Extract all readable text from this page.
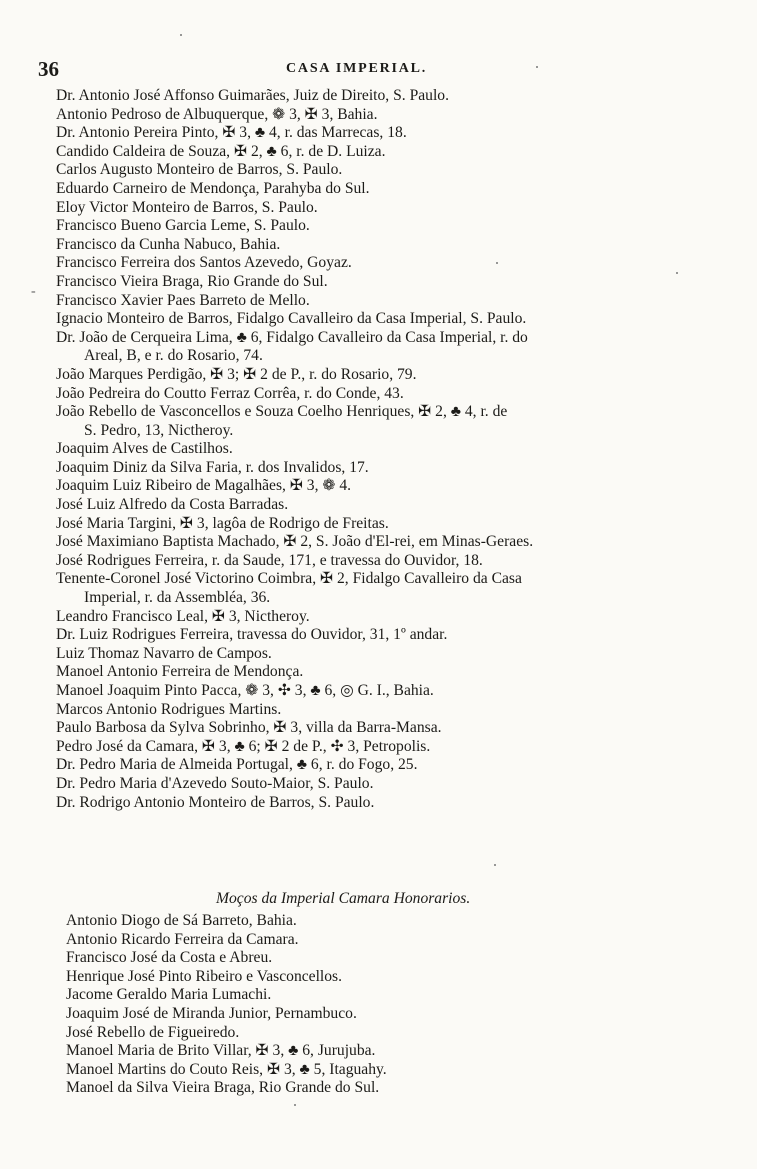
36	CASA IMPERIAL.
-
Dr. Antonio José Affonso Guimarães, Juiz de Direito, S. Paulo.
Antonio Pedroso de Albuquerque, ❁ 3, ✠ 3, Bahia.
Dr. Antonio Pereira Pinto, ✠ 3, ♣ 4, r. das Marrecas, 18.
Candido Caldeira de Souza, ✠ 2, ♣ 6, r. de D. Luiza.
Carlos Augusto Monteiro de Barros, S. Paulo.
Eduardo Carneiro de Mendonça, Parahyba do Sul.
Eloy Victor Monteiro de Barros, S. Paulo.
Francisco Bueno Garcia Leme, S. Paulo.
Francisco da Cunha Nabuco, Bahia.
Francisco Ferreira dos Santos Azevedo, Goyaz.
Francisco Vieira Braga, Rio Grande do Sul.
Francisco Xavier Paes Barreto de Mello.
Ignacio Monteiro de Barros, Fidalgo Cavalleiro da Casa Imperial, S. Paulo.
Dr. João de Cerqueira Lima, ♣ 6, Fidalgo Cavalleiro da Casa Imperial, r. do
Areal, B, e r. do Rosario, 74.
João Marques Perdigão, ✠ 3; ✠ 2 de P., r. do Rosario, 79.
João Pedreira do Coutto Ferraz Corrêa, r. do Conde, 43.
João Rebello de Vasconcellos e Souza Coelho Henriques, ✠ 2, ♣ 4, r. de
S. Pedro, 13, Nictheroy.
Joaquim Alves de Castilhos.
Joaquim Diniz da Silva Faria, r. dos Invalidos, 17.
Joaquim Luiz Ribeiro de Magalhães, ✠ 3, ❁ 4.
José Luiz Alfredo da Costa Barradas.
José Maria Targini, ✠ 3, lagôa de Rodrigo de Freitas.
José Maximiano Baptista Machado, ✠ 2, S. João d'El-rei, em Minas-Geraes.
José Rodrigues Ferreira, r. da Saude, 171, e travessa do Ouvidor, 18.
Tenente-Coronel José Victorino Coimbra, ✠ 2, Fidalgo Cavalleiro da Casa
Imperial, r. da Assembléa, 36.
Leandro Francisco Leal, ✠ 3, Nictheroy.
Dr. Luiz Rodrigues Ferreira, travessa do Ouvidor, 31, 1º andar.
Luiz Thomaz Navarro de Campos.
Manoel Antonio Ferreira de Mendonça.
Manoel Joaquim Pinto Pacca, ❁ 3, ✣ 3, ♣ 6, ◎ G. I., Bahia.
Marcos Antonio Rodrigues Martins.
Paulo Barbosa da Sylva Sobrinho, ✠ 3, villa da Barra-Mansa.
Pedro José da Camara, ✠ 3, ♣ 6; ✠ 2 de P., ✣ 3, Petropolis.
Dr. Pedro Maria de Almeida Portugal, ♣ 6, r. do Fogo, 25.
Dr. Pedro Maria d'Azevedo Souto-Maior, S. Paulo.
Dr. Rodrigo Antonio Monteiro de Barros, S. Paulo.
Moços da Imperial Camara Honorarios.
Antonio Diogo de Sá Barreto, Bahia.
Antonio Ricardo Ferreira da Camara.
Francisco José da Costa e Abreu.
Henrique José Pinto Ribeiro e Vasconcellos.
Jacome Geraldo Maria Lumachi.
Joaquim José de Miranda Junior, Pernambuco.
José Rebello de Figueiredo.
Manoel Maria de Brito Villar, ✠ 3, ♣ 6, Jurujuba.
Manoel Martins do Couto Reis, ✠ 3, ♣ 5, Itaguahy.
Manoel da Silva Vieira Braga, Rio Grande do Sul.
